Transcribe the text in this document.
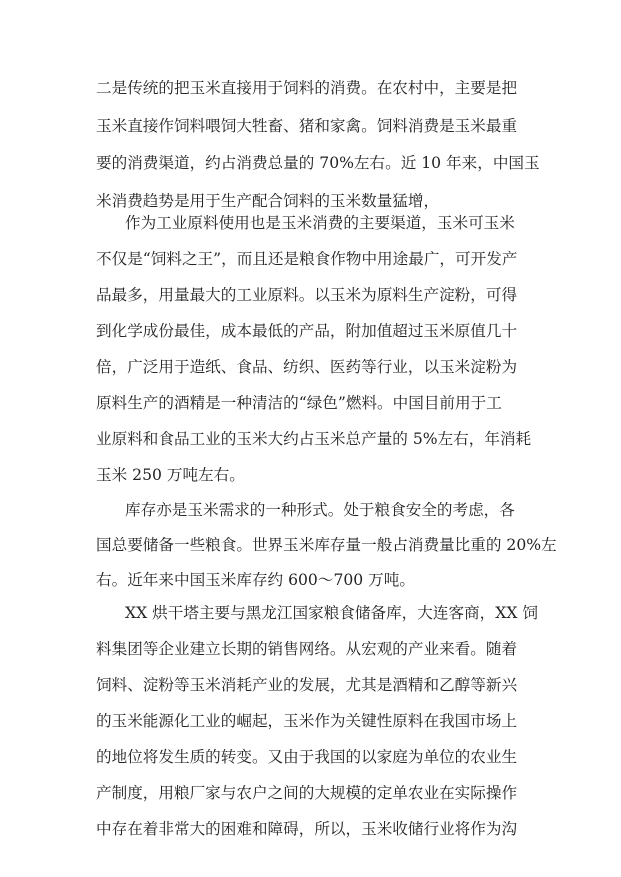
二是传统的把玉米直接用于饲料的消费。在农村中，主要是把
玉米直接作饲料喂饲大牲畜、猪和家禽。饲料消费是玉米最重
要的消费渠道，约占消费总量的 70%左右。近 10 年来，中国玉
米消费趋势是用于生产配合饲料的玉米数量猛增，
作为工业原料使用也是玉米消费的主要渠道，玉米可玉米
不仅是“饲料之王”，而且还是粮食作物中用途最广，可开发产
品最多，用量最大的工业原料。以玉米为原料生产淀粉，可得
到化学成份最佳，成本最低的产品，附加值超过玉米原值几十
倍，广泛用于造纸、食品、纺织、医药等行业，以玉米淀粉为
原料生产的酒精是一种清洁的“绿色”燃料。中国目前用于工
业原料和食品工业的玉米大约占玉米总产量的 5%左右，年消耗
玉米 250 万吨左右。
库存亦是玉米需求的一种形式。处于粮食安全的考虑，各
国总要储备一些粮食。世界玉米库存量一般占消费量比重的 20%左
右。近年来中国玉米库存约 600～700 万吨。
XX 烘干塔主要与黑龙江国家粮食储备库，大连客商，XX 饲
料集团等企业建立长期的销售网络。从宏观的产业来看。随着
饲料、淀粉等玉米消耗产业的发展，尤其是酒精和乙醇等新兴
的玉米能源化工业的崛起，玉米作为关键性原料在我国市场上
的地位将发生质的转变。又由于我国的以家庭为单位的农业生
产制度，用粮厂家与农户之间的大规模的定单农业在实际操作
中存在着非常大的困难和障碍，所以，玉米收储行业将作为沟
